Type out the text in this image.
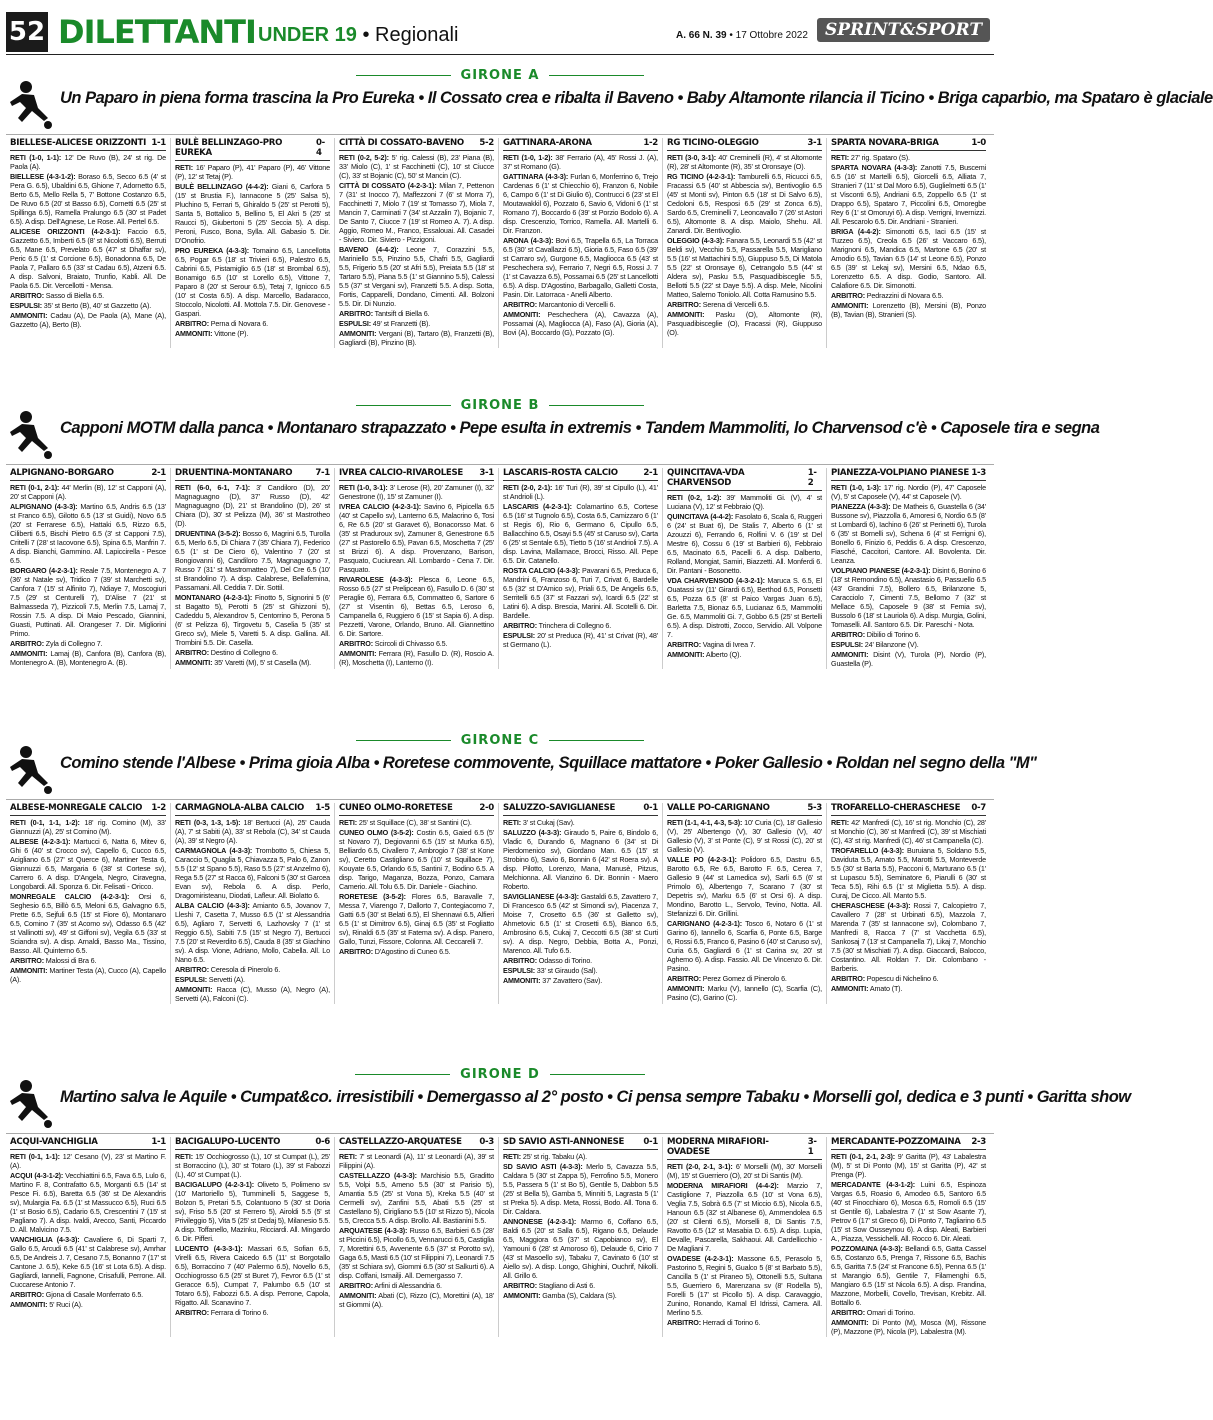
52 DILETTANTI UNDER 19 • Regionali	A. 66 N. 39 • 17 Ottobre 2022	SPRINT&SPORT
GIRONE A
Un Paparo in piena forma trascina la Pro Eureka • Il Cossato crea e ribalta il Baveno • Baby Altamonte rilancia il Ticino • Briga caparbio, ma Spataro è glaciale
BIELLESE-ALICESE ORIZZONTI 1-1

RETI (1-0, 1-1): 12' De Ruvo (B), 24' st rig. De Paola (A).

BIELLESE (4-3-1-2): Boraso 6.5, Secco 6.5 (4' st Pera G. 6.5), Ubaldini 6.5, Ghione 7, Adornetto 6.5, Berto 6.5, Mello Rella 5, 7' Bottone Costanzo 6.5, De Ruvo 6.5 (20' st Basso 6.5), Cornetti 6.5 (25' st Spillinga 6.5), Ramella Pralungo 6.5 (30' st Padet 6.5). A disp. Dell'Agnese, Le Rose. All. Pertel 6.5.

ALICESE ORIZZONTI (4-2-3-1): Faccio 6.5, Gazzetto 6.5, Imberti 6.5 (8' st Nicolotti 6.5), Berruti 6.5, Mane 6.5, Prevelato 6.5 (47' st Dhaffar sv), Peric 6.5 (1' st Corcione 6.5), Bonadonna 6.5, De Paola 7, Pallaro 6.5 (33' st Cadau 6.5), Atzeni 6.5. A disp. Salvoni, Braiato, Trunfio, Kabli. All. De Paola 6.5. Dir. Vercellotti - Mensa.

ARBITRO: Sasso di Biella 6.5.

ESPULSI: 35' st Berto (B), 40' st Gazzetto (A).

AMMONITI: Cadau (A), De Paola (A), Mane (A), Gazzetto (A), Berto (B).

BULÈ BELLINZAGO-PRO EUREKA
0-4

RETI: 16' Paparo (P), 41' Paparo (P), 46' Vittone (P), 12' st Tetaj (P).

BULÈ BELLINZAGO (4-4-2): Giani 6, Carfora 5 (15' st Brustia F.), Iannacone 5 (25' Salsa 5), Pluchino 5, Ferrari 5, Ghiraldo 5 (25' st Perotti 5), Santa 5, Bottalico 5, Bellino 5, El Akri 5 (25' st Raucci 5), Giubertoni 5 (25' Seccia 5). A disp. Peroni, Fusco, Bona, Sylla. All. Gabasio 5. Dir. D'Onofrio.

PRO EUREKA (4-3-3): Tomaino 6.5, Lancellotta 6.5, Pogar 6.5 (18' st Trivieri 6.5), Palestro 6.5, Cabrini 6.5, Pistamiglio 6.5 (18' st Brombal 6.5), Bonamigo 6.5 (10' st Lorello 6.5), Vittone 7, Paparo 8 (20' st Serour 6.5), Tetaj 7, Ignicco 6.5 (10' st Costa 6.5). A disp. Marcello, Badaracco, Stoccolo, Nicolotti. All. Mottola 7.5. Dir. Genovese - Gaspari.

ARBITRO: Perna di Novara 6.

AMMONITI: Vittone (P).

CITTÀ DI COSSATO-BAVENO 5-2

RETI (0-2, 5-2): 5' rig. Calessi (B), 23' Piana (B), 33' Miolo (C), 1' st Facchinetti (C), 10' st Ciucce (C), 33' st Bojanic (C), 50' st Mancin (C).

CITTÀ DI COSSATO (4-2-3-1): Milan 7, Pettenon 7 (31' st Inocco 7), Maffezzoni 7 (6' st Morra 7), Facchinetti 7, Miolo 7 (19' st Tomasso 7), Miola 7, Mancin 7, Carminati 7 (34' st Azzalin 7), Bojanic 7, De Santo 7, Ciucce 7 (19' st Romeo A. 7). A disp. Aggio, Romeo M., Franco, Essalouai. All. Casadei - Siviero. Dir. Siviero - Pizzigoni.

BAVENO (4-4-2): Leone 7, Corazzini 5.5, Mariniello 5.5, Pinzino 5.5, Chafri 5.5, Gagliardi 5.5, Frigerio 5.5 (20' st Afri 5.5), Preiata 5.5 (18' st Tartaro 5.5), Piana 5.5 (1' st Giannino 5.5), Calessi 5.5 (37' st Vergani sv), Franzetti 5.5. A disp. Sotta, Fortis, Capparelli, Dondano, Cimenti. All. Bolzoni 5.5. Dir. Di Nunzio.

ARBITRO: Tantsift di Biella 6.

ESPULSI: 49' st Franzetti (B).

AMMONITI: Vergani (B), Tartaro (B), Franzetti (B), Gagliardi (B), Pinzino (B).

GATTINARA-ARONA	1-2

RETI (1-0, 1-2): 38' Ferrario (A), 45' Rossi J. (A), 37' st Romano (G).

GATTINARA (4-3-3): Furlan 6, Monferrino 6, Trejo Cardenas 6 (1' st Chiecchio 6), Franzon 6, Nobile 6, Campo 6 (1' st Di Giulio 6), Contrucci 6 (23' st El Moutawakkil 6), Pozzato 6, Savio 6, Vidoni 6 (1' st Romano 7), Boccardo 6 (39' st Porzio Bodolo 6). A disp. Crescenzio, Torrico, Ramella. All. Martelli 6. Dir. Franzon.

ARONA (4-3-3): Bovi 6.5, Trapella 6.5, La Torraca 6.5 (30' st Cavallazzi 6.5), Gioria 6.5, Faso 6.5 (39' st Carraro sv), Gurgone 6.5, Magliocca 6.5 (43' st Peschechera sv), Ferrario 7, Negri 6.5, Rossi J. 7 (1' st Cavazza 6.5), Possamai 6.5 (25' st Lancellotti 6.5). A disp. D'Agostino, Barbagallo, Galletti Costa, Pasin. Dir. Latorraca - Anelli Alberto.

ARBITRO: Marcantonio di Vercelli 6.

AMMONITI: Peschechera (A), Cavazza (A), Possamai (A), Magliocca (A), Faso (A), Gioria (A), Bovi (A), Boccardo (G), Pozzato (G).

RG TICINO-OLEGGIO	3-1

RETI (3-0, 3-1): 40' Creminelli (R), 4' st Altomonte (R), 28' st Altomonte (R), 35' st Oronsaye (O).

RG TICINO (4-2-3-1): Tamburelli 6.5, Ricucci 6.5, Fracassi 6.5 (40' st Abbescia sv), Bentivoglio 6.5 (45' st Monti sv), Pinton 6.5 (18' st Di Salvo 6.5), Cedoloni 6.5, Resposi 6.5 (29' st Zonca 6.5), Sardo 6.5, Creminelli 7, Leoncavallo 7 (26' st Astori 6.5), Altomonte 8. A disp. Maiolo, Shehu. All. Zanardi. Dir. Bentivoglio.

OLEGGIO (4-3-3): Fanara 5.5, Leonardi 5.5 (42' st Beldi sv), Vecchio 5.5, Passarella 5.5, Marigliano 5.5 (16' st Mattachini 5.5), Giuppuso 5.5, Di Matola 5.5 (22' st Oronsaye 6), Cetrangolo 5.5 (44' st Aldera sv), Pasku 5.5, Pasquadibisceglie 5.5, Bellotti 5.5 (22' st Daye 5.5). A disp. Mele, Nicolini Matteo, Salerno Toniolo. All. Cotta Ramusino 5.5.

ARBITRO: Serena di Vercelli 6.5.

AMMONITI: Pasku (O), Altomonte (R), Pasquadibisceglie (O), Fracassi (R), Giuppuso (O).

SPARTA NOVARA-BRIGA	1-0

RETI: 27' rig. Spataro (S).

SPARTA NOVARA (4-3-3): Zanotti 7.5, Buscemi 6.5 (16' st Martelli 6.5), Giorcelli 6.5, Alliata 7, Stranieri 7 (11' st Dal Moro 6.5), Guglielmetti 6.5 (1' st Visconti 6.5), Andriani 6.5, Zoppello 6.5 (1' st Drappo 6.5), Spataro 7, Piccolini 6.5, Omoregbe Rey 6 (1' st Omoruyi 6). A disp. Verrigni, Invernizzi. All. Pescarolo 6.5. Dir. Andriani - Stranieri.

BRIGA (4-4-2): Simonotti 6.5, Iaci 6.5 (15' st Tuzzeo 6.5), Creola 6.5 (26' st Vaccaro 6.5), Marignoni 6.5, Mandica 6.5, Martone 6.5 (20' st Amodio 6.5), Tavian 6.5 (14' st Leone 6.5), Ponzo 6.5 (39' st Lekaj sv), Mersini 6.5, Ndao 6.5, Lorenzetto 6.5. A disp. Godio, Santoro. All. Calafiore 6.5. Dir. Simonotti.

ARBITRO: Pedrazzini di Novara 6.5.

AMMONITI: Lorenzetto (B), Mersini (B), Ponzo (B), Tavian (B), Stranieri (S).

GIRONE B
Capponi MOTM dalla panca • Montanaro strapazzato • Pepe esulta in extremis • Tandem Mammoliti, lo Charvensod c'è • Caposele tira e segna
ALPIGNANO-BORGARO	2-1

RETI (0-1, 2-1): 44' Merlin (B), 12' st Capponi (A), 20' st Capponi (A).

ALPIGNANO (4-3-3): Martino 6.5, Andris 6.5 (13' st Franco 6.5), Gilotto 6.5 (13' st Guidi), Novo 6.5 (20' st Ferrarese 6.5), Hattaki 6.5, Rizzo 6.5, Ciliberti 6.5, Bischi Pietro 6.5 (3' st Capponi 7.5), Critelli 7 (28' st Iacovone 6.5), Spina 6.5, Manfrin 7. A disp. Bianchi, Gammino. All. Lapiccirella - Pesce 6.5.

BORGARO (4-2-3-1): Reale 7.5, Montenegro A. 7 (36' st Natale sv), Tridico 7 (39' st Marchetti sv), Canfora 7 (15' st Alfinito 7), Ndiaye 7, Moscogiuri 7.5 (29' st Centurelli 7), D'Alise 7 (21' st Balmasseda 7), Pizzicoli 7.5, Merlin 7.5, Lamaj 7, Rossin 7.5. A disp. Di Maio Pescado, Giannini, Guasti, Puttinati. All. Orangeser 7. Dir. Migliorini Primo.

ARBITRO: Zyla di Collegno 7.

AMMONITI: Lamaj (B), Canfora (B), Canfora (B), Montenegro A. (B), Montenegro A. (B).

DRUENTINA-MONTANARO	7-1

RETI (6-0, 6-1, 7-1): 3' Candiloro (D), 20' Magnaguagno (D), 37' Russo (D), 42' Magnaguagno (D), 21' st Brandolino (D), 26' st Chiara (D), 30' st Pelizza (M), 36' st Mastrotheo (D).

DRUENTINA (3-5-2): Bosso 6, Magrini 6.5, Turolla 6.5, Merlo 6.5, Di Chiara 7 (35' Chiara 7), Federico 6.5 (1' st De Ciero 6), Valentino 7 (20' st Bongiovanni 6), Candiloro 7.5, Magnaguagno 7, Russo 7 (31' st Mastromatteo 7), Del Cre 6.5 (10' st Brandolino 7). A disp. Calabrese, Bellafemina, Passamani. All. Ceddia 7. Dir. Sottil.

MONTANARO (4-2-3-1): Finotto 5, Signorini 5 (6' st Bagatto 5), Perotti 5 (25' st Ghizzoni 5), Cadeddu 5, Alexandrov 5, Centorrino 5, Perona 5 (6' st Pelizza 6), Tirgovetu 5, Caselia 5 (35' st Greco sv), Miele 5, Varetti 5. A disp. Gallina. All. Trombini 5.5. Dir. Casella.

ARBITRO: Destino di Collegno 6.

AMMONITI: 35' Varetti (M), 5' st Casella (M).

IVREA CALCIO-RIVAROLESE 3-1

RETI (1-0, 3-1): 3' Lerose (R), 20' Zamuner (I), 32' Genestrone (I), 15' st Zamuner (I).

IVREA CALCIO (4-2-3-1): Savino 6, Pipicella 6.5 (40' st Capello sv), Lanterno 6.5, Malacrino 6, Tosi 6, Re 6.5 (20' st Garavet 6), Bonacorsso Mat. 6 (35' st Praduroux sv), Zamuner 8, Genestrone 6.5 (27' st Pastorello 6.5), Pavan 6.5, Moschetta 7 (25' st Brizzi 6). A disp. Provenzano, Barison, Pasquato, Cuciurean. All. Lombardo - Cena 7. Dir. Pasquato.

RIVAROLESE (4-3-3): Plesca 6, Leone 6.5, Rosso 6.5 (27' st Prelipcean 6), Fasullo D. 6 (30' st Peraglie 6), Ferrara 6.5, Commatteo 6, Sartore 6 (27' st Visentin 6), Bettas 6.5, Leroso 6, Campanella 6, Ruggiero 6 (15' st Sapia 6). A disp. Pezzetti, Varone, Orlando, Bruno. All. Giannettino 6. Dir. Sartore.

ARBITRO: Scircoli di Chivasso 6.5.

AMMONITI: Ferrara (R), Fasullo D. (R), Roscio A. (R), Moschetta (I), Lanterno (I).

LASCARIS-ROSTA CALCIO	2-1

RETI (2-0, 2-1): 16' Turi (R), 39' st Cipullo (L), 41' st Andrioli (L).

LASCARIS (4-2-3-1): Colamartino 6.5, Cortese 6.5 (16' st Tugnolo 6.5), Costa 6.5, Camizzaro 6 (1' st Regis 6), Rio 6, Germano 6, Cipullo 6.5, Ballacchino 6.5, Osayi 5.5 (45' st Caruso sv), Carta 6 (25' st Sentale 6.5), Tietto 5 (16' st Andrioli 7.5). A disp. Lavina, Mallamace, Brocci, Risso. All. Pepe 6.5. Dir. Catanello.

ROSTA CALCIO (4-3-3): Pavarani 6.5, Preduca 6, Mandrini 6, Franzoso 6, Turi 7, Crivat 6, Bardelle 6.5 (32' st D'Amico sv), Priali 6.5, De Angelis 6.5, Serritelli 6.5 (37' st Fazzari sv), Icardi 6.5 (22' st Latini 6). A disp. Brescia, Marini. All. Scotelli 6. Dir. Bardelle.

ARBITRO: Trinchera di Collegno 6.

ESPULSI: 20' st Preduca (R), 41' st Crivat (R), 48' st Germano (L).

QUINCITAVA-VDA CHARVENSOD
1-2

RETI (0-2, 1-2): 39' Mammoliti Gi. (V), 4' st Luciana (V), 12' st Febbraio (Q).

QUINCITAVA (4-4-2): Fasolato 6, Scala 6, Ruggeri 6 (24' st Buat 6), De Stalis 7, Alberto 6 (1' st Azouzzi 6), Ferrando 6, Rolfini V. 6 (19' st Del Mestre 6), Cossu 6 (19' st Barbieri 6), Febbraio 6.5, Macinato 6.5, Pacelli 6. A disp. Dalberto, Rolland, Mongiat, Samiri, Biazzetti. All. Monferdi 6. Dir. Pantani - Bosonetto.

VDA CHARVENSOD (4-3-2-1): Maruca S. 6.5, El Ouatassi sv (11' Girardi 6.5), Berthod 6.5, Ponsetti 6.5, Pozza 6.5 (8' st Paico Vargas Juan 6.5), Barletta 7.5, Bionaz 6.5, Lucianaz 6.5, Mammoliti Ge. 6.5, Mammoliti Gi. 7, Gobbo 6.5 (25' st Bertelli 6.5). A disp. Distrotti, Zocco, Servidio. All. Volpone 7.

ARBITRO: Vagina di Ivrea 7.

AMMONITI: Alberto (Q).

PIANEZZA-VOLPIANO PIANESE 1-3

RETI (1-0, 1-3): 17' rig. Nordio (P), 47' Caposele (V), 5' st Caposele (V), 44' st Caposele (V).

PIANEZZA (4-3-3): De Matheis 6, Guastella 6 (34' Bussone sv), Piazzolla 6, Amoresi 6, Nordio 6.5 (8' st Lombardi 6), Iachino 6 (26' st Perinetti 6), Turola 6 (35' st Bornelli sv), Schena 6 (4' st Ferrigni 6), Bonello 6, Finizio 6, Peddis 6. A disp. Crescenzo, Fiasché, Caccitori, Cantore. All. Bovolenta. Dir. Leanza.

VOLPIANO PIANESE (4-2-3-1): Disint 6, Bonino 6 (18' st Remondino 6.5), Anastasio 6, Passuello 6.5 (43' Grandini 7.5), Bollero 6.5, Brilanzone 5, Caracciolo 7, Cimenti 7.5, Bellomo 7 (32' st Mellace 6.5), Caposele 9 (38' st Femia sv), Bussolo 6 (18' st Lauriola 6). A disp. Murgia, Golini, Tomaselli. All. Santoro 6.5. Dir. Pareschi - Nota.

ARBITRO: Dibilio di Torino 6.

ESPULSI: 24' Bilanzone (V).

AMMONITI: Disint (V), Turola (P), Nordio (P), Guastella (P).

GIRONE C
Comino stende l'Albese • Prima gioia Alba • Roretese commovente, Squillace mattatore • Poker Gallesio • Roldan nel segno della "M"
ALBESE-MONREGALE CALCIO 1-2

RETI (0-1, 1-1, 1-2): 18' rig. Comino (M), 33' Giannuzzi (A), 25' st Comino (M).

ALBESE (4-2-3-1): Martucci 6, Natta 6, Mitev 6, Ghi 6 (40' st Crocco sv), Capello 6, Cucco 6.5, Acigliano 6.5 (27' st Querce 6), Martiner Testa 6, Giannuzzi 6.5, Margaria 6 (38' st Cortese sv), Carrero 6. A disp. D'Angela, Negro, Ciravegna, Longobardi. All. Sponza 6. Dir. Felisati - Oricco.

MONREGALE CALCIO (4-2-3-1): Orsi 6, Seghesio 6.5, Billò 6.5, Meloni 6.5, Galvagno 6.5, Prette 6.5, Sejfuli 6.5 (15' st Fiore 6), Montanaro 6.5, Comino 7 (35' st Acomo sv), Odasso 6.5 (42' st Vallinotti sv), 49' st Giffoni sv), Vegila 6.5 (33' st Sciandra sv). A disp. Arnaldi, Basso Ma., Tissino, Basso. All. Quinterno 6.5.

ARBITRO: Malossi di Bra 6.

AMMONITI: Martiner Testa (A), Cucco (A), Capello (A).

CARMAGNOLA-ALBA CALCIO 1-5

RETI (0-3, 1-3, 1-5): 18' Bertucci (A), 25' Cauda (A), 7' st Sabiti (A), 33' st Rebola (C), 34' st Cauda (A), 39' st Negro (A).

CARMAGNOLA (4-3-3): Trombotto 5, Chiesa 5, Caraccio 5, Quaglia 5, Chiavazza 5, Palo 6, Zanon 5.5 (12' st Spano 5.5), Raso 5.5 (27' st Anzelmo 6), Rega 5.5 (27' st Racca 6), Falconi 5 (30' st Garcea Evan sv), Rebola 6. A disp. Perlo, Dragomiristeanu, Diodati, Lafleur. All. Biolatto 6.

ALBA CALCIO (4-3-3): Amianto 6.5, Jovanov 7, Lleshi 7, Casetta 7, Musso 6.5 (1' st Alessandria 6.5), Agliaro 7, Servetti 6, Lazhovsky 7 (1' st Reggio 6.5), Sabiti 7.5 (15' st Negro 7), Bertucci 7.5 (20' st Reverdito 6.5), Cauda 8 (35' st Giachino sv). A disp. Vione, Adriano, Mollo, Cabella. All. Lo Nano 6.5.

ARBITRO: Ceresola di Pinerolo 6.

ESPULSI: Servetti (A).

AMMONITI: Racca (C), Musso (A), Negro (A), Servetti (A), Falconi (C).

CUNEO OLMO-RORETESE	2-0

RETI: 25' st Squillace (C), 38' st Santini (C).

CUNEO OLMO (3-5-2): Costin 6.5, Gaied 6.5 (5' st Novaro 7), Degiovanni 6.5 (15' st Murka 6.5), Belliardo 6.5, Civallero 7, Ambrogio 7 (38' st Kone sv), Ceretto Castigliano 6.5 (10' st Squillace 7), Kouyate 6.5, Orlando 6.5, Santini 7, Bodino 6.5. A disp. Tarigo, Maganza, Bozza, Ponzo, Camara Camerio. All. Tolu 6.5. Dir. Daniele - Giachino.

RORETESE (3-5-2): Flores 6.5, Baravalle 7, Messa 7, Viarengo 7, Dallorto 7, Contegiacomo 7, Gatti 6.5 (30' st Belati 6.5), El Shennawi 6.5, Alfieri 6.5 (1' st Dimitrov 6.5), Ginaj 6.5 (35' st Fogliatto sv), Rinaldi 6.5 (35' st Fatema sv). A disp. Panero, Gallo, Tunzi, Fissore, Colonna. All. Ceccarelli 7.

ARBITRO: D'Agostino di Cuneo 6.5.

SALUZZO-SAVIGLIANESE	0-1

RETI: 3' st Cukaj (Sav).

SALUZZO (4-3-3): Giraudo 5, Paire 6, Bindolo 6, Vladic 6, Durando 6, Magnano 6 (34' st Di Pierdomenico sv), Giordano Man. 6.5 (15' st Strobino 6), Savio 6, Bonnin 6 (42' st Roera sv). A disp. Pilotto, Lorenzo, Mana, Manusè, Pitzus, Melchionna. All. Vianzino 6. Dir. Bonnin - Maero Roberto.

SAVIGLIANESE (4-3-3): Gastaldi 6.5, Zavattero 7, Di Francesco 6.5 (42' st Simondi sv), Piacenza 7, Moise 7, Crosetto 6.5 (36' st Galletto sv), Ahmetovic 6.5 (1' st Crosetti 6.5), Bianco 6.5, Ambrosino 6.5, Cukaj 7, Ceccotti 6.5 (38' st Curti sv). A disp. Negro, Debbia, Botta A., Ponzi, Marenco. All. Tufo 6.5.

ARBITRO: Odasso di Torino.

ESPULSI: 33' st Giraudo (Sal).

AMMONITI: 37' Zavattero (Sav).

VALLE PO-CARIGNANO	5-3

RETI (1-1, 4-1, 4-3, 5-3): 10' Curia (C), 18' Gallesio (V), 25' Albertengo (V), 30' Gallesio (V), 40' Gallesio (V), 3' st Ponte (C), 9' st Rossi (C), 20' st Gallesio (V).

VALLE PO (4-2-3-1): Polidoro 6.5, Dastru 6.5, Barotto 6.5, Re 6.5, Barotto F. 6.5, Cerea 7, Gallesio 9 (44' st Lamedica sv), Sarli 6.5 (6' st Primolo 6), Albertengo 7, Scarano 7 (30' st Depetris sv), Marku 6.5 (6' st Orsi 6). A disp. Mondino, Barotto L., Servolo, Tevino, Notta. All. Stefanizzi 6. Dir. Grillini.

CARIGNANO (4-2-3-1): Tosco 6, Notaro 6 (1' st Garino 6), Iannello 6, Scarfia 6, Ponte 6.5, Barge 6, Rossi 6.5, Franco 6, Pasino 6 (40' st Caruso sv), Curia 6.5, Gagliardi 6 (1' st Carina sv, 20' st Aghemo 6). A disp. Fassio. All. De Vincenzo 6. Dir. Pasino.

ARBITRO: Perez Gomez di Pinerolo 6.

AMMONITI: Marku (V), Iannello (C), Scarfia (C), Pasino (C), Garino (C).

TROFARELLO-CHERASCHESE 0-7

RETI: 42' Manfredi (C), 16' st rig. Monchio (C), 28' st Monchio (C), 36' st Manfredi (C), 39' st Mischiati (C), 43' st rig. Manfredi (C), 46' st Campanella (C).

TROFARELLO (4-3-3): Buruiana 5, Soldano 5.5, Daviduta 5.5, Amato 5.5, Marotti 5.5, Monteverde 5.5 (30' st Barta 5.5), Pacconi 6, Marturano 6.5 (1' st Lupascu 5.5), Seminatore 6, Piarulli 6 (30' st Teca 5.5), Rihi 6.5 (1' st Miglietta 5.5). A disp. Curaj, De Cicco. All. Manto 5.5.

CHERASCHESE (4-3-3): Rossi 7, Calcopietro 7, Cavallero 7 (28' st Urbinati 6.5), Mazzola 7, Marenda 7 (35' st Iannacone sv), Colombano 7, Manfredi 8, Racca 7 (7' st Vacchetta 6.5), Sankosaj 7 (13' st Campanella 7), Likaj 7, Monchio 7.5 (30' st Mischiati 7). A disp. Giaccardi, Balocco, Costantino. All. Roldan 7. Dir. Colombano - Barberis.

ARBITRO: Popescu di Nichelino 6.

AMMONITI: Amato (T).

GIRONE D
Martino salva le Aquile • Cumpat&co. irresistibili • Demergasso al 2° posto • Ci pensa sempre Tabaku • Morselli gol, dedica e 3 punti • Garitta show
ACQUI-VANCHIGLIA	1-1

RETI (0-1, 1-1): 12' Cesano (V), 23' st Martino F. (A).

ACQUI (4-3-1-2): Vecchiattini 6.5, Fava 6.5, Lulo 6, Martino F. 8, Contrafatto 6.5, Morganti 6.5 (14' st Pesce Fi. 6.5), Baretta 6.5 (36' st De Alexandris sv), Mulargia Fa. 6.5 (1' st Massucco 6.5), Ruci 6.5 (1' st Bosio 6.5), Cadario 6.5, Crescentini 7 (15' st Pagliano 7). A disp. Ivaldi, Arecco, Santi, Piccardo D. All. Malvicino 7.5.

VANCHIGLIA (4-3-3): Cavaliere 6, Di Sparti 7, Gallo 6.5, Arcudi 6.5 (41' st Calabrese sv), Amrhar 6.5, De Andreis J. 7, Cesano 7.5, Bonanno 7 (17' st Cantone J. 6.5), Keke 6.5 (16' st Lota 6.5). A disp. Gagliardi, Iannelli, Fagnone, Crisafulli, Perrone. All. Cuccarese Antonio 7.

ARBITRO: Gjona di Casale Monferrato 6.5.

AMMONITI: 5' Ruci (A).

BACIGALUPO-LUCENTO	0-6

RETI: 15' Occhiogrosso (L), 10' st Cumpat (L), 25' st Borraccino (L), 30' st Totaro (L), 39' st Fabozzi (L), 40' st Cumpat (L).

BACIGALUPO (4-2-3-1): Oliveto 5, Polimeno sv (10' Martoriello 5), Tumminelli 5, Saggese 5, Bolzon 5, Pretari 5.5, Colantuono 5 (30' st Doria sv), Friso 5.5 (20' st Ferrero 5), Airoldi 5.5 (5' st Privileggio 5), Vita 5 (25' st Dedaj 5), Milanesio 5.5. A disp. Toffanello, Mazinku, Ricciardi. All. Mingardo 6. Dir. Pifferi.

LUCENTO (4-3-3-1): Massari 6.5, Sofian 6.5, Virelli 6.5, Rivera Caicedo 6.5 (11' st Borgotallo 6.5), Borraccino 7 (40' Palermo 6.5), Novello 6.5, Occhiogrosso 6.5 (25' st Buret 7), Fevror 6.5 (1' st Geracce 6.5), Cumpat 7, Palumbo 6.5 (10' st Totaro 6.5), Fabozzi 6.5. A disp. Perrone, Capola, Rigatto. All. Scanavino 7.

ARBITRO: Ferrara di Torino 6.

CASTELLAZZO-ARQUATESE 0-3

RETI: 7' st Leonardi (A), 11' st Leonardi (A), 39' st Filippini (A).

CASTELLAZZO (4-3-3): Marchisio 5.5, Graditto 5.5, Volpi 5.5, Ameno 5.5 (30' st Parisio 5), Amantia 5.5 (25' st Vona 5), Kreka 5.5 (40' st Cermelli sv), Zanfini 5.5, Abati 5.5 (25' st Castellano 5), Cirigliano 5.5 (10' st Rizzo 5), Nicola 5.5, Crecca 5.5. A disp. Brollo. All. Bastianini 5.5.

ARQUATESE (4-3-3): Russo 6.5, Barbieri 6.5 (28' st Piccini 6.5), Picollo 6.5, Vennarucci 6.5, Castiglia 7, Morettini 6.5, Avvenente 6.5 (37' st Porotto sv), Gaga 6.5, Masti 6.5 (10' st Filippini 7), Leonardi 7.5 (35' st Schiara sv), Giommi 6.5 (30' st Salkurti 6). A disp. Coffani, Ismailji. All. Demergasso 7.

ARBITRO: Arfini di Alessandria 6.

AMMONITI: Abati (C), Rizzo (C), Morettini (A), 18' st Giommi (A).

SD SAVIO ASTI-ANNONESE 0-1

RETI: 25' st rig. Tabaku (A).

SD SAVIO ASTI (4-3-3): Merlo 5, Cavazza 5.5, Caldara 5 (30' st Zappa 5), Ferrofino 5.5, Monero 5.5, Passera 5 (1' st Bo 5), Gentile 5, Dabbon 5.5 (25' st Bella 5), Gamba 5, Minniti 5, Lagrasta 5 (1' st Preka 5). A disp. Meta, Rossi, Bodo. All. Tona 6. Dir. Caldara.

ANNONESE (4-2-3-1): Marmo 6, Coffano 6.5, Baldi 6.5 (20' st Salla 6.5), Rigano 6.5, Delaude 6.5, Maggiora 6.5 (37' st Capobianco sv), El Yamouni 6 (28' st Amoroso 6), Delaude 6, Cirio 7 (43' st Masoello sv), Tabaku 7, Cavinato 6 (10' st Aiello sv). A disp. Longo, Ghighini, Ouchrif, Nikolli. All. Grillo 6.

ARBITRO: Stagliano di Asti 6.

AMMONITI: Gamba (S), Caldara (S).

MODERNA MIRAFIORI-OVADESE
3-1

RETI (2-0, 2-1, 3-1): 6' Morselli (M), 30' Morselli (M), 15' st Guerriero (O), 20' st Di Santis (M).

MODERNA MIRAFIORI (4-4-2): Marzio 7, Castiglione 7, Piazzolla 6.5 (10' st Vona 6.5), Veglia 7.5, Sobrà 6.5 (7' st Miccio 6.5), Nicola 6.5, Hanoun 6.5 (32' st Albanese 6), Ammendolea 6.5 (20' st Cilenti 6.5), Morselli 8, Di Santis 7.5, Ravotto 6.5 (12' st Masabia D. 6.5). A disp. Lupia, Devalle, Pascarella, Sakhaoui. All. Cardellicchio - De Magliani 7.

OVADESE (4-2-3-1): Massone 6.5, Perasolo 5, Pastorino 5, Regini 5, Gualco 5 (8' st Barbato 5.5), Cancilla 5 (1' st Piraneo 5), Ottonelli 5.5, Sultana 5.5, Guerriero 6, Marenzana sv (8' Rodella 5), Forelli 5 (17' st Picollo 5). A disp. Caravaggio, Zunino, Ronando, Kamal El Idrissi, Camera. All. Merlino 5.5.

ARBITRO: Herradi di Torino 6.

MERCADANTE-POZZOMAINA 2-3

RETI (0-1, 2-1, 2-3): 9' Garitta (P), 43' Labalestra (M), 5' st Di Ponto (M), 15' st Garitta (P), 42' st Prenga (P).

MERCADANTE (4-3-1-2): Luini 6.5, Espinoza Vargas 6.5, Roasio 6, Amodeo 6.5, Santoro 6.5 (40' st Finocchiaro 6), Mosca 6.5, Romoli 6.5 (15' st Gentile 6), Labalestra 7 (1' st Sow Asante 7), Petrov 6 (17' st Greco 6), Di Ponto 7, Tagliarino 6.5 (15' st Sow Ousseynou 6). A disp. Aleati, Barbieri A., Piazza, Vessichelli. All. Rocco 6. Dir. Aleati.

POZZOMAINA (4-3-3): Bellandi 6.5, Gatta Cassel 6.5, Costanzo 6.5, Prenga 7, Rissone 6.5, Bachis 6.5, Garitta 7.5 (24' st Francone 6.5), Penna 6.5 (1' st Marangio 6.5), Gentile 7, Filamenghi 6.5, Mangiaro 6.5 (15' st Nicola 6.5). A disp. Frandina, Mazzone, Morbelli, Covello, Trevisan, Krebitz. All. Bottallo 6.

ARBITRO: Omari di Torino.

AMMONITI: Di Ponto (M), Mosca (M), Rissone (P), Mazzone (P), Nicola (P), Labalestra (M).
